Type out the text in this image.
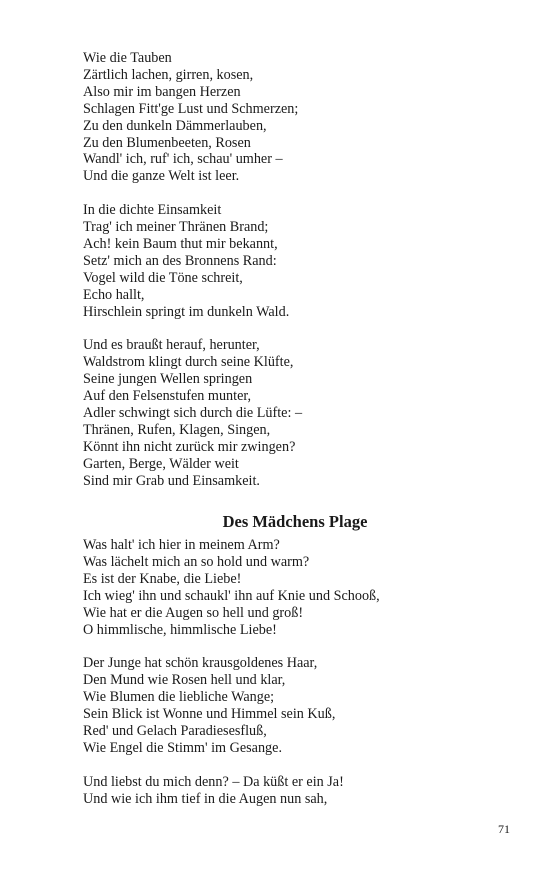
Wie die Tauben
Zärtlich lachen, girren, kosen,
Also mir im bangen Herzen
Schlagen Fitt'ge Lust und Schmerzen;
Zu den dunkeln Dämmerlauben,
Zu den Blumenbeeten, Rosen
Wandl' ich, ruf' ich, schau' umher –
Und die ganze Welt ist leer.
In die dichte Einsamkeit
Trag' ich meiner Thränen Brand;
Ach! kein Baum thut mir bekannt,
Setz' mich an des Bronnens Rand:
Vogel wild die Töne schreit,
Echo hallt,
Hirschlein springt im dunkeln Wald.
Und es braußt herauf, herunter,
Waldstrom klingt durch seine Klüfte,
Seine jungen Wellen springen
Auf den Felsenstufen munter,
Adler schwingt sich durch die Lüfte: –
Thränen, Rufen, Klagen, Singen,
Könnt ihn nicht zurück mir zwingen?
Garten, Berge, Wälder weit
Sind mir Grab und Einsamkeit.
Des Mädchens Plage
Was halt' ich hier in meinem Arm?
Was lächelt mich an so hold und warm?
Es ist der Knabe, die Liebe!
Ich wieg' ihn und schaukl' ihn auf Knie und Schooß,
Wie hat er die Augen so hell und groß!
O himmlische, himmlische Liebe!
Der Junge hat schön krausgoldenes Haar,
Den Mund wie Rosen hell und klar,
Wie Blumen die liebliche Wange;
Sein Blick ist Wonne und Himmel sein Kuß,
Red' und Gelach Paradiesesfluß,
Wie Engel die Stimm' im Gesange.
Und liebst du mich denn? – Da küßt er ein Ja!
Und wie ich ihm tief in die Augen nun sah,
71
